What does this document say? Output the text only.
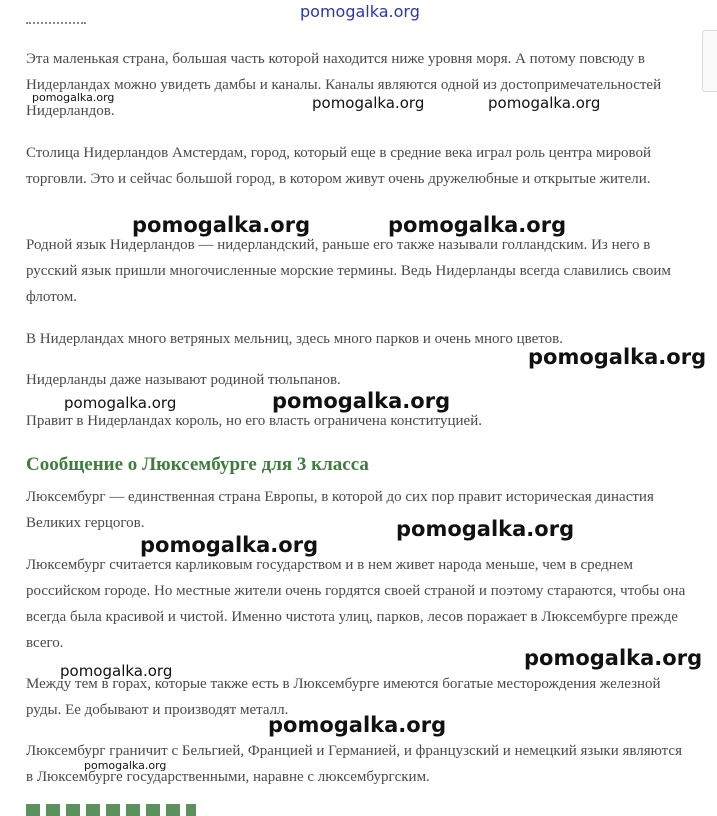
pomogalka.org

Эта маленькая страна, большая часть которой находится ниже уровня моря. А потому повсюду в Нидерландах можно увидеть дамбы и каналы. Каналы являются одной из достопримечательностей Нидерландов.

Столица Нидерландов Амстердам, город, который еще в средние века играл роль центра мировой торговли. Это и сейчас большой город, в котором живут очень дружелюбные и открытые жители.

Родной язык Нидерландов — нидерландский, раньше его также называли голландским. Из него в русский язык пришли многочисленные морские термины. Ведь Нидерланды всегда славились своим флотом.

В Нидерландах много ветряных мельниц, здесь много парков и очень много цветов.

Нидерланды даже называют родиной тюльпанов.

Правит в Нидерландах король, но его власть ограничена конституцией.

Сообщение о Люксембурге для 3 класса

Люксембург — единственная страна Европы, в которой до сих пор правит историческая династия Великих герцогов.

Люксембург считается карликовым государством и в нем живет народа меньше, чем в среднем российском городе. Но местные жители очень гордятся своей страной и поэтому стараются, чтобы она всегда была красивой и чистой. Именно чистота улиц, парков, лесов поражает в Люксембурге прежде всего.

Между тем в горах, которые также есть в Люксембурге имеются богатые месторождения железной руды. Ее добывают и производят металл.

Люксембург граничит с Бельгией, Францией и Германией, и французский и немецкий языки являются в Люксембурге государственными, наравне с люксембургским.

pomogalka.org	pomogalka.org	pomogalka.org

pomogalka.org	pomogalka.org

pomogalka.org

pomogalka.org	pomogalka.org

pomogalka.org

pomogalka.org

pomogalka.org

pomogalka.org

pomogalka.org

pomogalka.org
